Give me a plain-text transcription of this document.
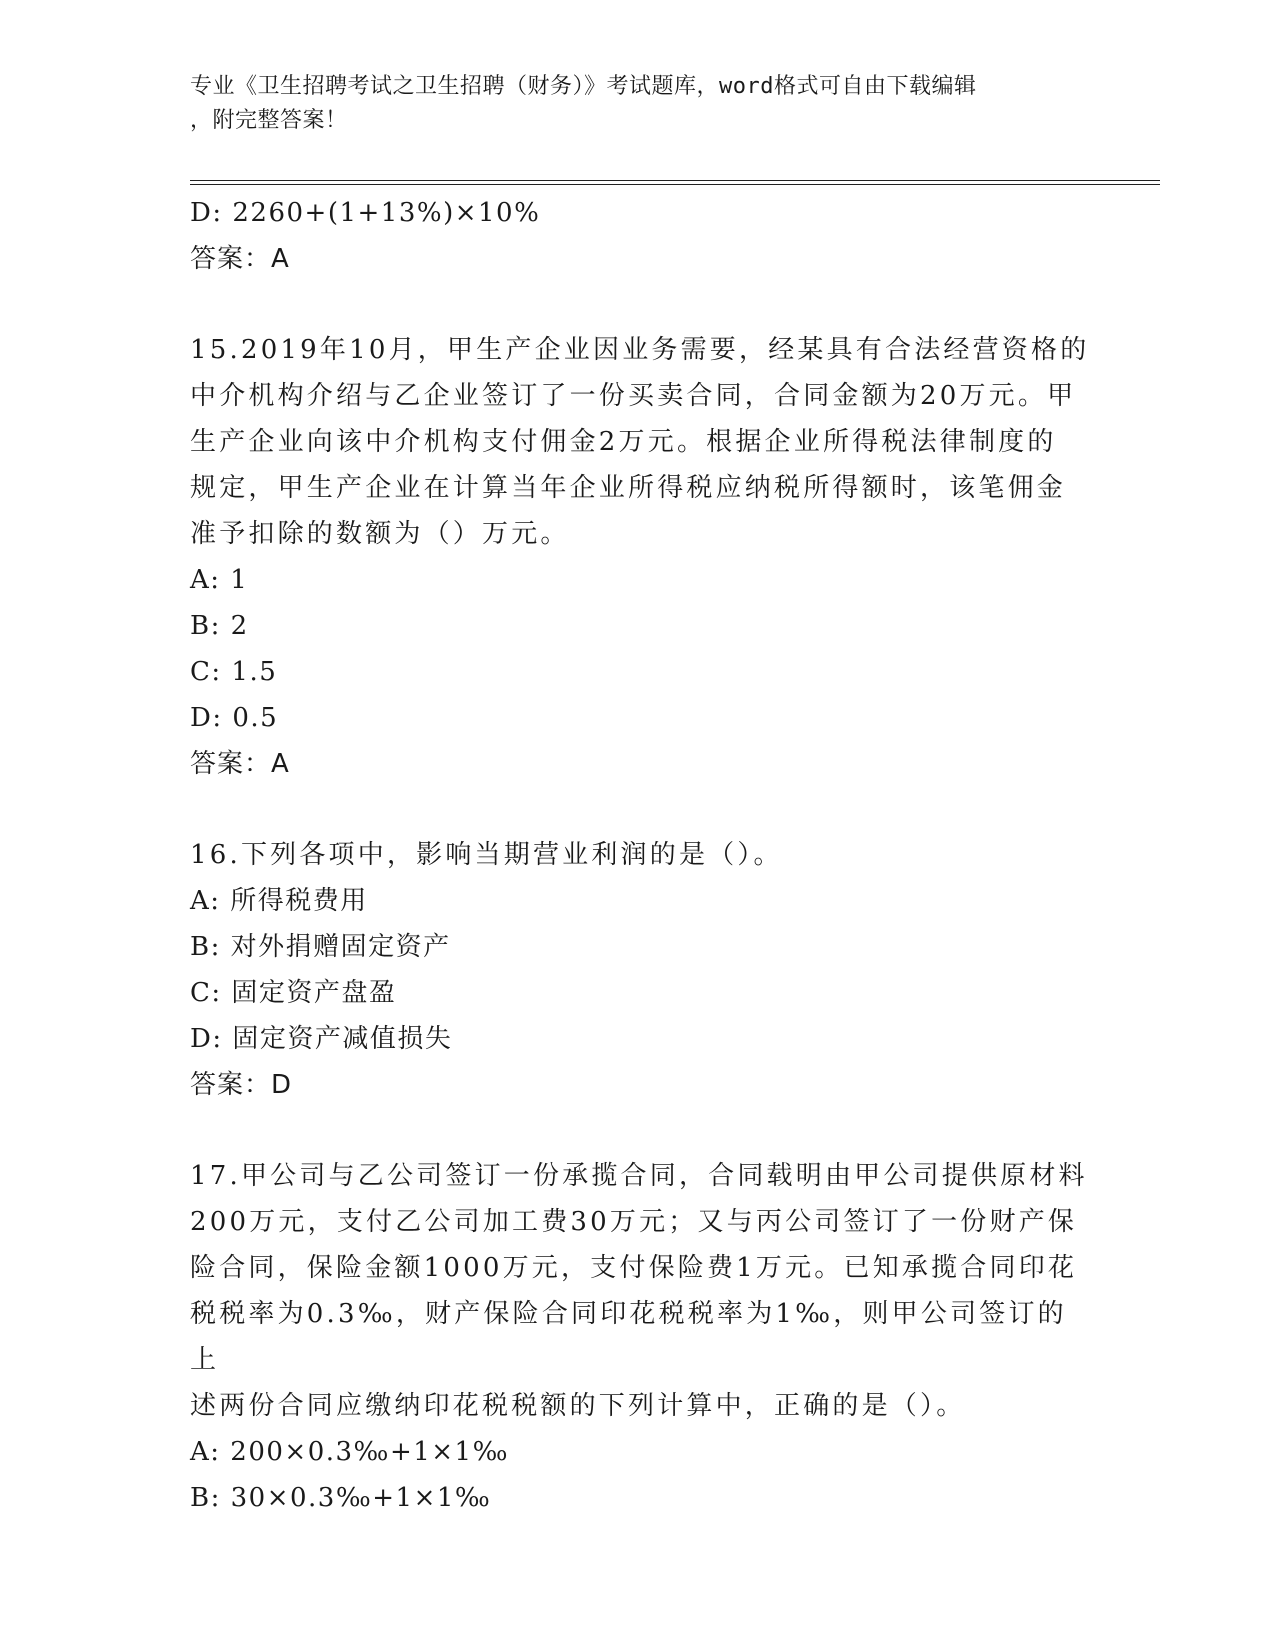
专业《卫生招聘考试之卫生招聘（财务）》考试题库，word格式可自由下载编辑
，附完整答案！
D: 2260+(1+13%)×10%
答案：A
15.2019年10月，甲生产企业因业务需要，经某具有合法经营资格的
中介机构介绍与乙企业签订了一份买卖合同，合同金额为20万元。甲
生产企业向该中介机构支付佣金2万元。根据企业所得税法律制度的
规定，甲生产企业在计算当年企业所得税应纳税所得额时，该笔佣金
准予扣除的数额为（）万元。
A: 1
B: 2
C: 1.5
D: 0.5
答案：A
16.下列各项中，影响当期营业利润的是（）。
A: 所得税费用
B: 对外捐赠固定资产
C: 固定资产盘盈
D: 固定资产减值损失
答案：D
17.甲公司与乙公司签订一份承揽合同，合同载明由甲公司提供原材料
200万元，支付乙公司加工费30万元；又与丙公司签订了一份财产保
险合同，保险金额1000万元，支付保险费1万元。已知承揽合同印花
税税率为0.3‰，财产保险合同印花税税率为1‰，则甲公司签订的上
述两份合同应缴纳印花税税额的下列计算中，正确的是（）。
A: 200×0.3‰+1×1‰
B: 30×0.3‰+1×1‰
